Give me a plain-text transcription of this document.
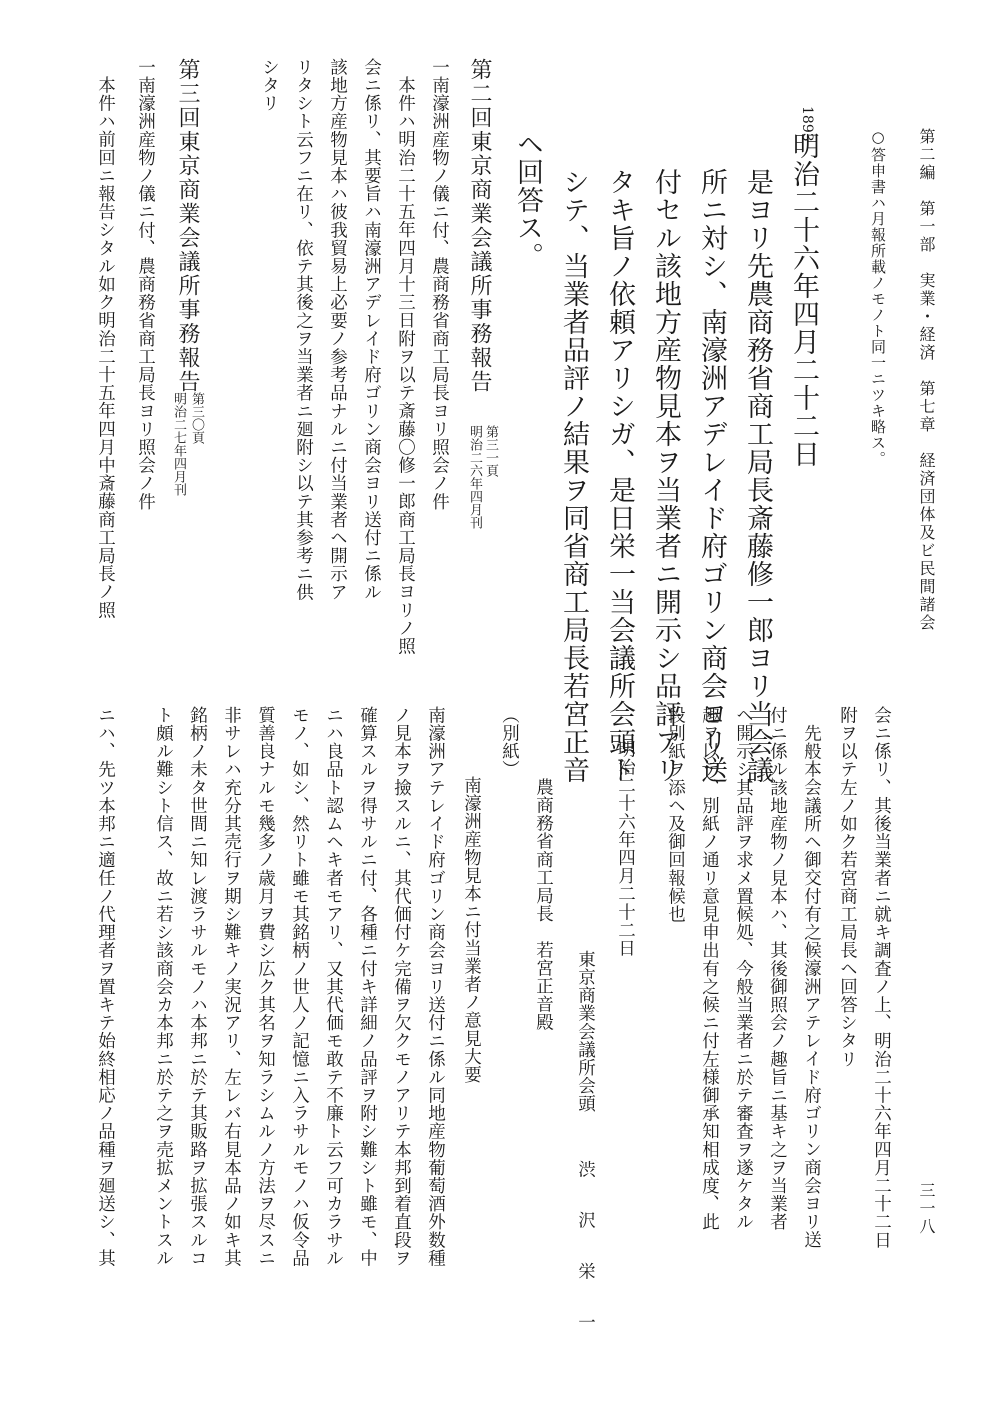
第二編　第一部　実業・経済　第七章　経済団体及ビ民間諸会
三一八
○答申書ハ月報所載ノモノト同一ニツキ略ス。
1893
明治二十六年四月二十二日
是ヨリ先農商務省商工局長斎藤修一郎ヨリ当会議
所ニ対シ、南濠洲アデレイド府ゴリン商会ヨリ送
付セル該地方産物見本ヲ当業者ニ開示シ品評アリ
タキ旨ノ依頼アリシガ、是日栄一当会議所会頭ト
シテ、当業者品評ノ結果ヲ同省商工局長若宮正音
ヘ回答ス。
第二回東京商業会議所事務報告
第三一頁
明治二六年四月刊
一南濠洲産物ノ儀ニ付、農商務省商工局長ヨリ照会ノ件
本件ハ明治二十五年四月十三日附ヲ以テ斎藤〇修一郎商工局長ヨリノ照
会ニ係リ、其要旨ハ南濠洲アデレイド府ゴリン商会ヨリ送付ニ係ル
該地方産物見本ハ彼我貿易上必要ノ参考品ナルニ付当業者ヘ開示ア
リタシト云フニ在リ、依テ其後之ヲ当業者ニ廻附シ以テ其参考ニ供
シタリ
第三回東京商業会議所事務報告
第三〇頁
明治二七年四月刊
一南濠洲産物ノ儀ニ付、農商務省商工局長ヨリ照会ノ件
本件ハ前回ニ報告シタル如ク明治二十五年四月中斎藤商工局長ノ照
会ニ係リ、其後当業者ニ就キ調査ノ上、明治二十六年四月二十二日
附ヲ以テ左ノ如ク若宮商工局長ヘ回答シタリ
先般本会議所ヘ御交付有之候濠洲アテレイド府ゴリン商会ヨリ送
付ニ係ル該地産物ノ見本ハ、其後御照会ノ趣旨ニ基キ之ヲ当業者
ヘ開示シ其品評ヲ求メ置候処、今般当業者ニ於テ審査ヲ遂ケタル
趣ヲ以テ、別紙ノ通リ意見申出有之候ニ付左様御承知相成度、此
段別紙ヲ添ヘ及御回報候也
明治二十六年四月二十二日
東京商業会議所会頭
渋　沢　栄　一
農商務省商工局長　若宮正音殿
（別紙）
南濠洲産物見本ニ付当業者ノ意見大要
南濠洲アテレイド府ゴリン商会ヨリ送付ニ係ル同地産物葡萄酒外数種
ノ見本ヲ撿スルニ、其代価付ケ完備ヲ欠クモノアリテ本邦到着直段ヲ
確算スルヲ得サルニ付、各種ニ付キ詳細ノ品評ヲ附シ難シト雖モ、中
ニハ良品ト認ムヘキ者モアリ、又其代価モ敢テ不廉ト云フ可カラサル
モノ、如シ、然リト雖モ其銘柄ノ世人ノ記憶ニ入ラサルモノハ仮令品
質善良ナルモ幾多ノ歳月ヲ費シ広ク其名ヲ知ラシムルノ方法ヲ尽スニ
非サレハ充分其売行ヲ期シ難キノ実況アリ、左レバ右見本品ノ如キ其
銘柄ノ未タ世間ニ知レ渡ラサルモノハ本邦ニ於テ其販路ヲ拡張スルコ
ト頗ル難シト信ス、故ニ若シ該商会カ本邦ニ於テ之ヲ売拡メントスル
ニハ、先ツ本邦ニ適任ノ代理者ヲ置キテ始終相応ノ品種ヲ廻送シ、其
